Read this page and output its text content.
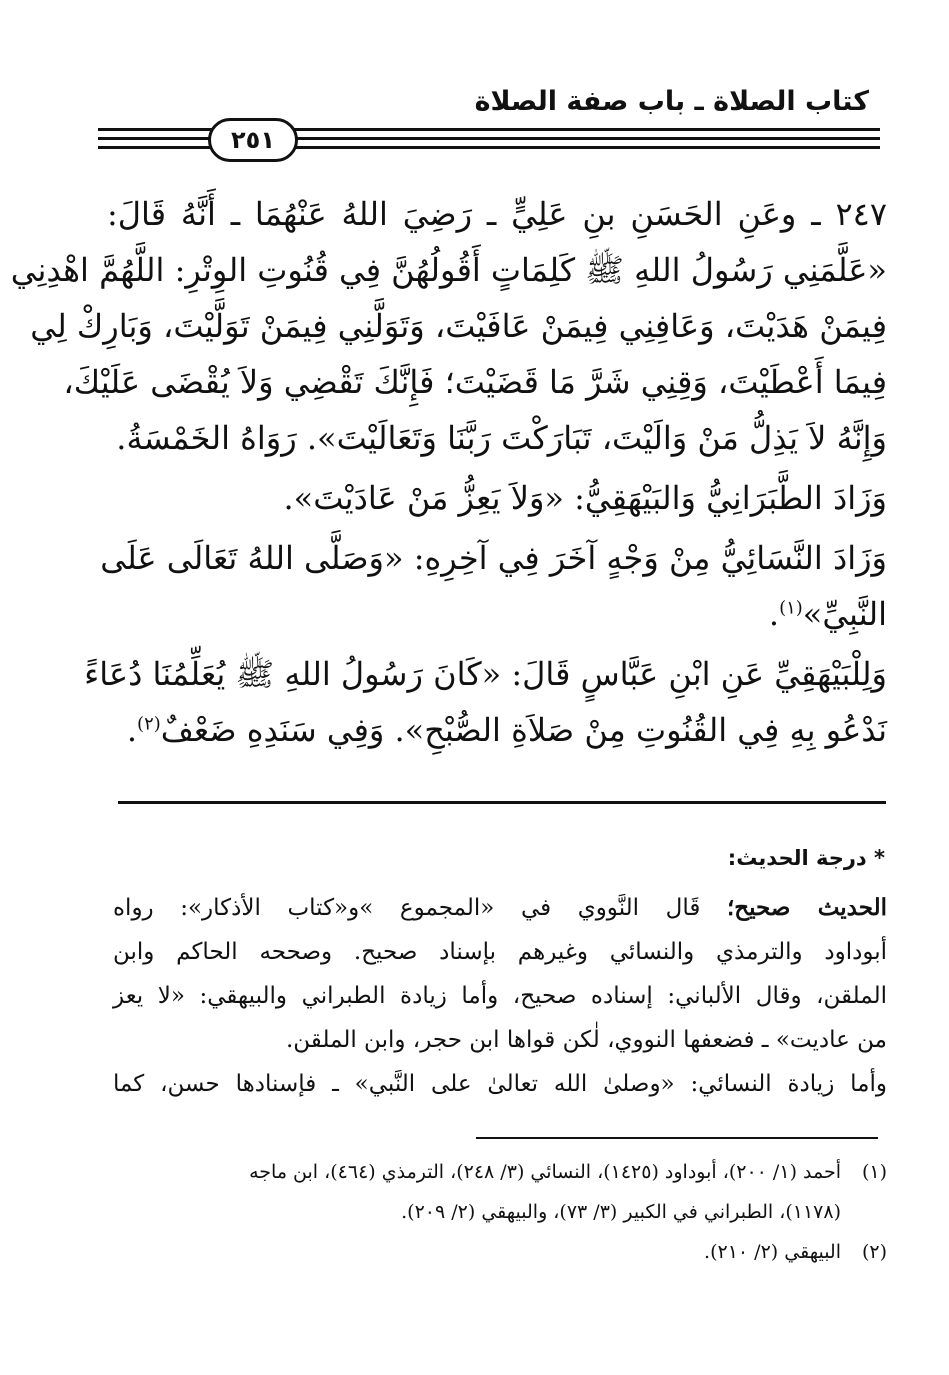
كتاب الصلاة ـ باب صفة الصلاة
٢٥١
٢٤٧ ـ وعَنِ الحَسَنِ بنِ عَلِيٍّ ـ رَضِيَ اللهُ عَنْهُمَا ـ أَنَّهُ قَالَ:
«عَلَّمَنِي رَسُولُ اللهِ ﷺ كَلِمَاتٍ أَقُولُهُنَّ فِي قُنُوتِ الوِتْرِ: اللَّهُمَّ اهْدِنِي
فِيمَنْ هَدَيْتَ، وَعَافِنِي فِيمَنْ عَافَيْتَ، وَتَوَلَّنِي فِيمَنْ تَوَلَّيْتَ، وَبَارِكْ لِي
فِيمَا أَعْطَيْتَ، وَقِنِي شَرَّ مَا قَضَيْتَ؛ فَإِنَّكَ تَقْضِي وَلاَ يُقْضَى عَلَيْكَ،
وَإِنَّهُ لاَ يَذِلُّ مَنْ وَالَيْتَ، تَبَارَكْتَ رَبَّنَا وَتَعَالَيْتَ». رَوَاهُ الخَمْسَةُ.
وَزَادَ الطَّبَرَانِيُّ وَالبَيْهَقِيُّ: «وَلاَ يَعِزُّ مَنْ عَادَيْتَ».
وَزَادَ النَّسَائِيُّ مِنْ وَجْهٍ آخَرَ فِي آخِرِهِ: «وَصَلَّى اللهُ تَعَالَى عَلَى
النَّبِيِّ»$^{(١)}$.
وَلِلْبَيْهَقِيِّ عَنِ ابْنِ عَبَّاسٍ قَالَ: «كَانَ رَسُولُ اللهِ ﷺ يُعَلِّمُنَا دُعَاءً
نَدْعُو بِهِ فِي القُنُوتِ مِنْ صَلاَةِ الصُّبْحِ». وَفِي سَنَدِهِ ضَعْفٌ$^{(٢)}$.
* درجة الحديث:
الحديث صحيح؛ قَال النَّووي في «المجموع »و«كتاب الأذكار»: رواه
أبوداود والترمذي والنسائي وغيرهم بإسناد صحيح. وصححه الحاكم وابن
الملقن، وقال الألباني: إسناده صحيح، وأما زيادة الطبراني والبيهقي: «لا يعز
من عاديت» ـ فضعفها النووي، لٰكن قواها ابن حجر، وابن الملقن.
وأما زيادة النسائي: «وصلىٰ الله تعالىٰ على النَّبي» ـ فإسنادها حسن، كما
(١)أحمد (١/ ٢٠٠)، أبوداود (١٤٢٥)، النسائي (٣/ ٢٤٨)، الترمذي (٤٦٤)، ابن ماجه
(١١٧٨)، الطبراني في الكبير (٣/ ٧٣)، والبيهقي (٢/ ٢٠٩).
(٢)البيهقي (٢/ ٢١٠).
